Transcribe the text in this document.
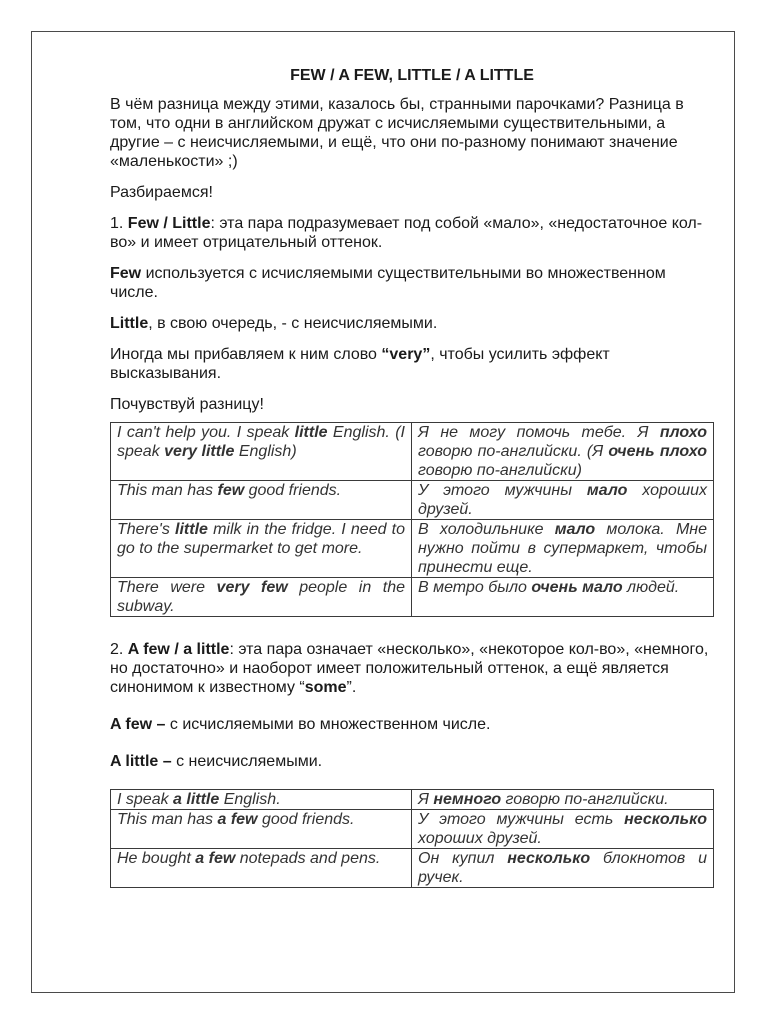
FEW / A FEW, LITTLE / A LITTLE

В чём разница между этими, казалось бы, странными парочками? Разница в том, что одни в английском дружат с исчисляемыми существительными, а другие – с неисчисляемыми, и ещё, что они по-разному понимают значение «маленькости» ;)

Разбираемся!

1. Few / Little: эта пара подразумевает под собой «мало», «недостаточное кол-во» и имеет отрицательный оттенок.

Few используется с исчисляемыми существительными во множественном числе.

Little, в свою очередь, - с неисчисляемыми.

Иногда мы прибавляем к ним слово “very”, чтобы усилить эффект высказывания.

Почувствуй разницу!

I can't help you. I speak little English. (I speak very little English)	Я не могу помочь тебе. Я плохо говорю по-английски. (Я очень плохо говорю по-английски)
This man has few good friends.	У этого мужчины мало хороших друзей.
There's little milk in the fridge. I need to go to the supermarket to get more.	В холодильнике мало молока. Мне нужно пойти в супермаркет, чтобы принести еще.
There were very few people in the subway.	В метро было очень мало людей.

2. A few / a little: эта пара означает «несколько», «некоторое кол-во», «немного, но достаточно» и наоборот имеет положительный оттенок, а ещё является синонимом к известному “some”.

A few – с исчисляемыми во множественном числе.

A little – с неисчисляемыми.

I speak a little English.	Я немного говорю по-английски.
This man has a few good friends.	У этого мужчины есть несколько хороших друзей.
He bought a few notepads and pens.	Он купил несколько блокнотов и ручек.
